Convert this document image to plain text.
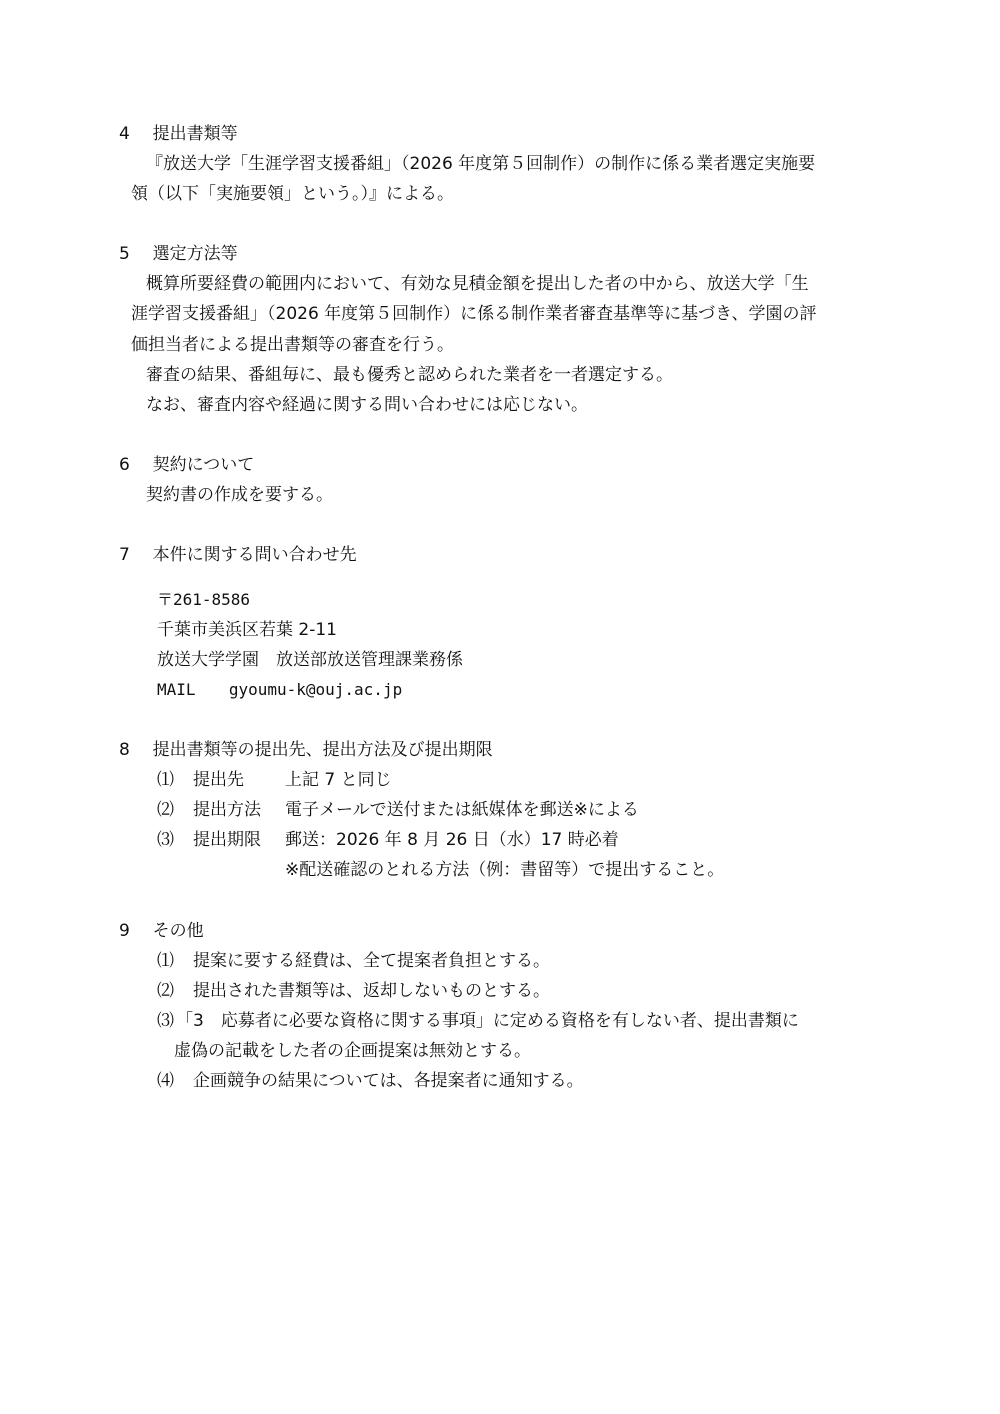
4 提出書類等
『放送大学「生涯学習支援番組」（2026 年度第５回制作）の制作に係る業者選定実施要
領（以下「実施要領」という。）』による。
5 選定方法等
概算所要経費の範囲内において、有効な見積金額を提出した者の中から、放送大学「生
涯学習支援番組」（2026 年度第５回制作）に係る制作業者審査基準等に基づき、学園の評
価担当者による提出書類等の審査を行う。
審査の結果、番組毎に、最も優秀と認められた業者を一者選定する。
なお、審査内容や経過に関する問い合わせには応じない。
6 契約について
契約書の作成を要する。
7 本件に関する問い合わせ先
〒261-8586
千葉市美浜区若葉 2-11
放送大学学園　放送部放送管理課業務係
MAIL gyoumu-k@ouj.ac.jp
8 提出書類等の提出先、提出方法及び提出期限
⑴ 提出先 上記 7 と同じ
⑵ 提出方法 電子メールで送付または紙媒体を郵送※による
⑶ 提出期限 郵送：2026 年 8 月 26 日（水）17 時必着
※配送確認のとれる方法（例：書留等）で提出すること。
9 その他
⑴ 提案に要する経費は、全て提案者負担とする。
⑵ 提出された書類等は、返却しないものとする。
⑶ 「3　応募者に必要な資格に関する事項」に定める資格を有しない者、提出書類に
虚偽の記載をした者の企画提案は無効とする。
⑷ 企画競争の結果については、各提案者に通知する。
